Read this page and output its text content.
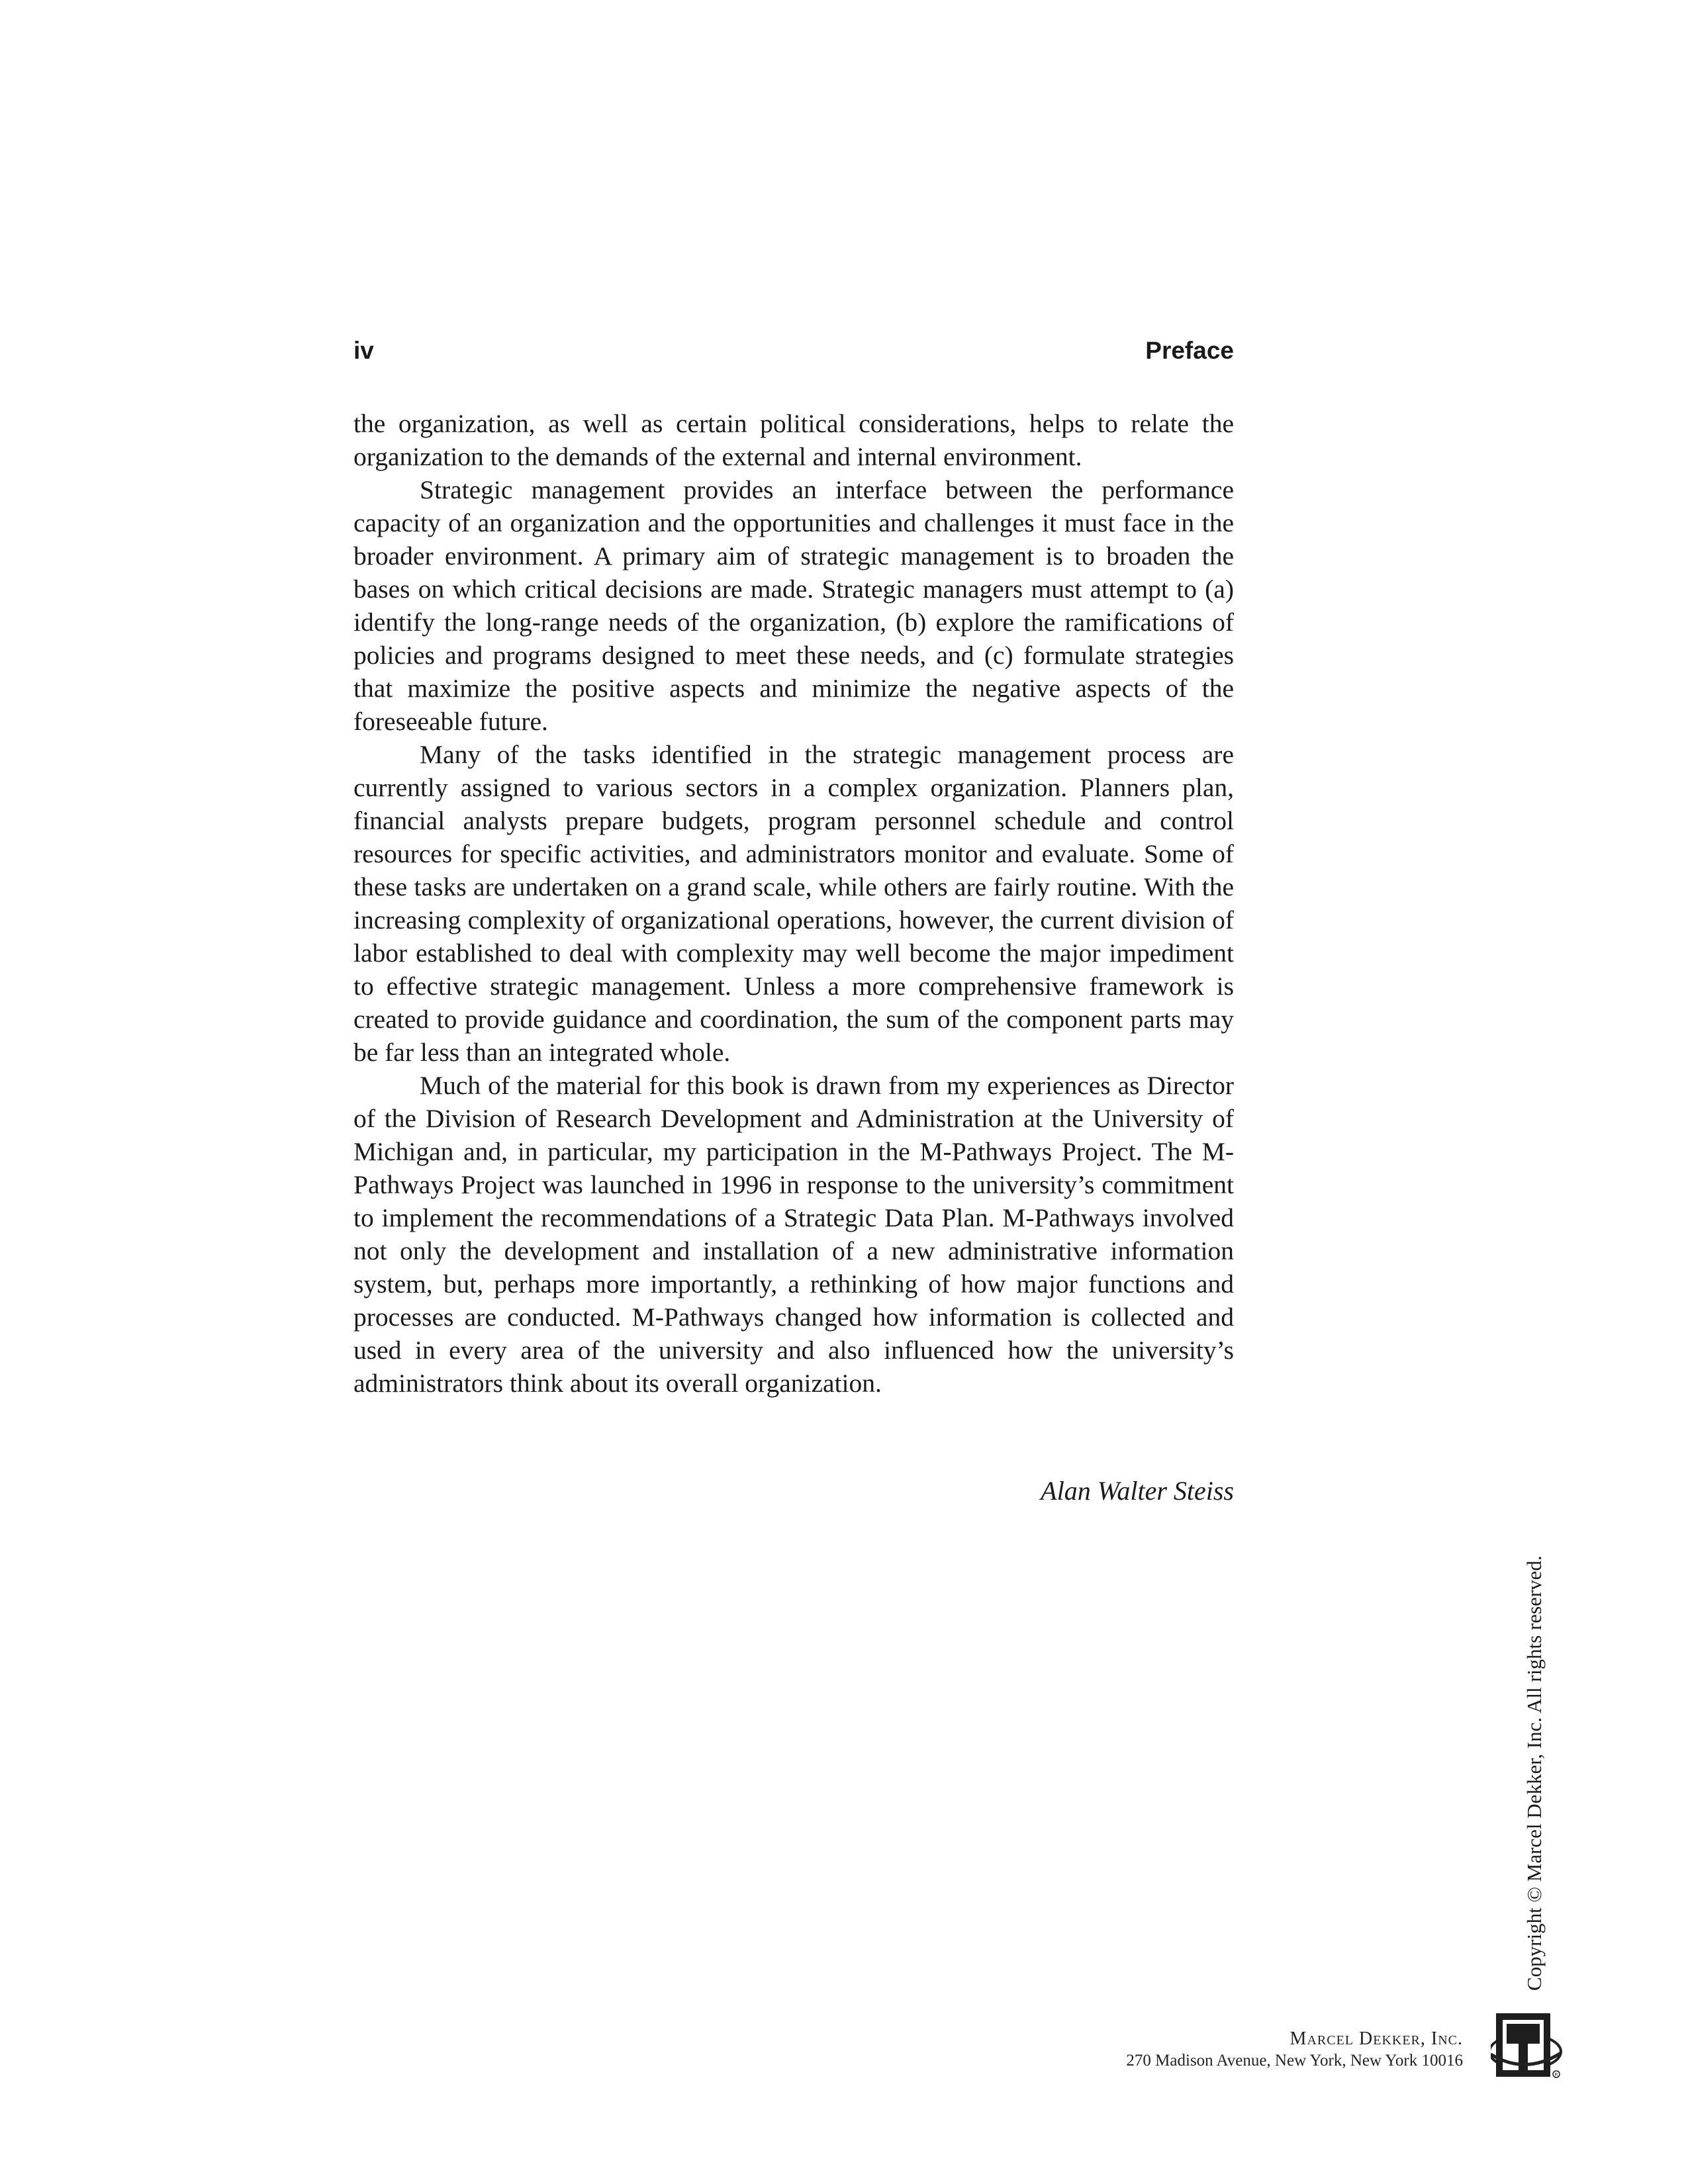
iv	Preface

the organization, as well as certain political considerations, helps to relate the organization to the demands of the external and internal environment.

Strategic management provides an interface between the performance capacity of an organization and the opportunities and challenges it must face in the broader environment. A primary aim of strategic management is to broaden the bases on which critical decisions are made. Strategic managers must attempt to (a) identify the long-range needs of the organization, (b) explore the ramifications of policies and programs designed to meet these needs, and (c) formulate strategies that maximize the positive aspects and minimize the negative aspects of the foreseeable future.

Many of the tasks identified in the strategic management process are currently assigned to various sectors in a complex organization. Planners plan, financial analysts prepare budgets, program personnel schedule and control resources for specific activities, and administrators monitor and evaluate. Some of these tasks are undertaken on a grand scale, while others are fairly routine. With the increasing complexity of organizational operations, however, the current division of labor established to deal with complexity may well become the major impediment to effective strategic management. Unless a more comprehensive framework is created to provide guidance and coordination, the sum of the component parts may be far less than an integrated whole.

Much of the material for this book is drawn from my experiences as Director of the Division of Research Development and Administration at the University of Michigan and, in particular, my participation in the M-Pathways Project. The M-Pathways Project was launched in 1996 in response to the university’s commitment to implement the recommendations of a Strategic Data Plan. M-Pathways involved not only the development and installation of a new administrative information system, but, perhaps more importantly, a rethinking of how major functions and processes are conducted. M-Pathways changed how information is collected and used in every area of the university and also influenced how the university’s administrators think about its overall organization.

Alan Walter Steiss
Copyright © Marcel Dekker, Inc. All rights reserved.
Marcel Dekker, Inc.
270 Madison Avenue, New York, New York 10016
R
